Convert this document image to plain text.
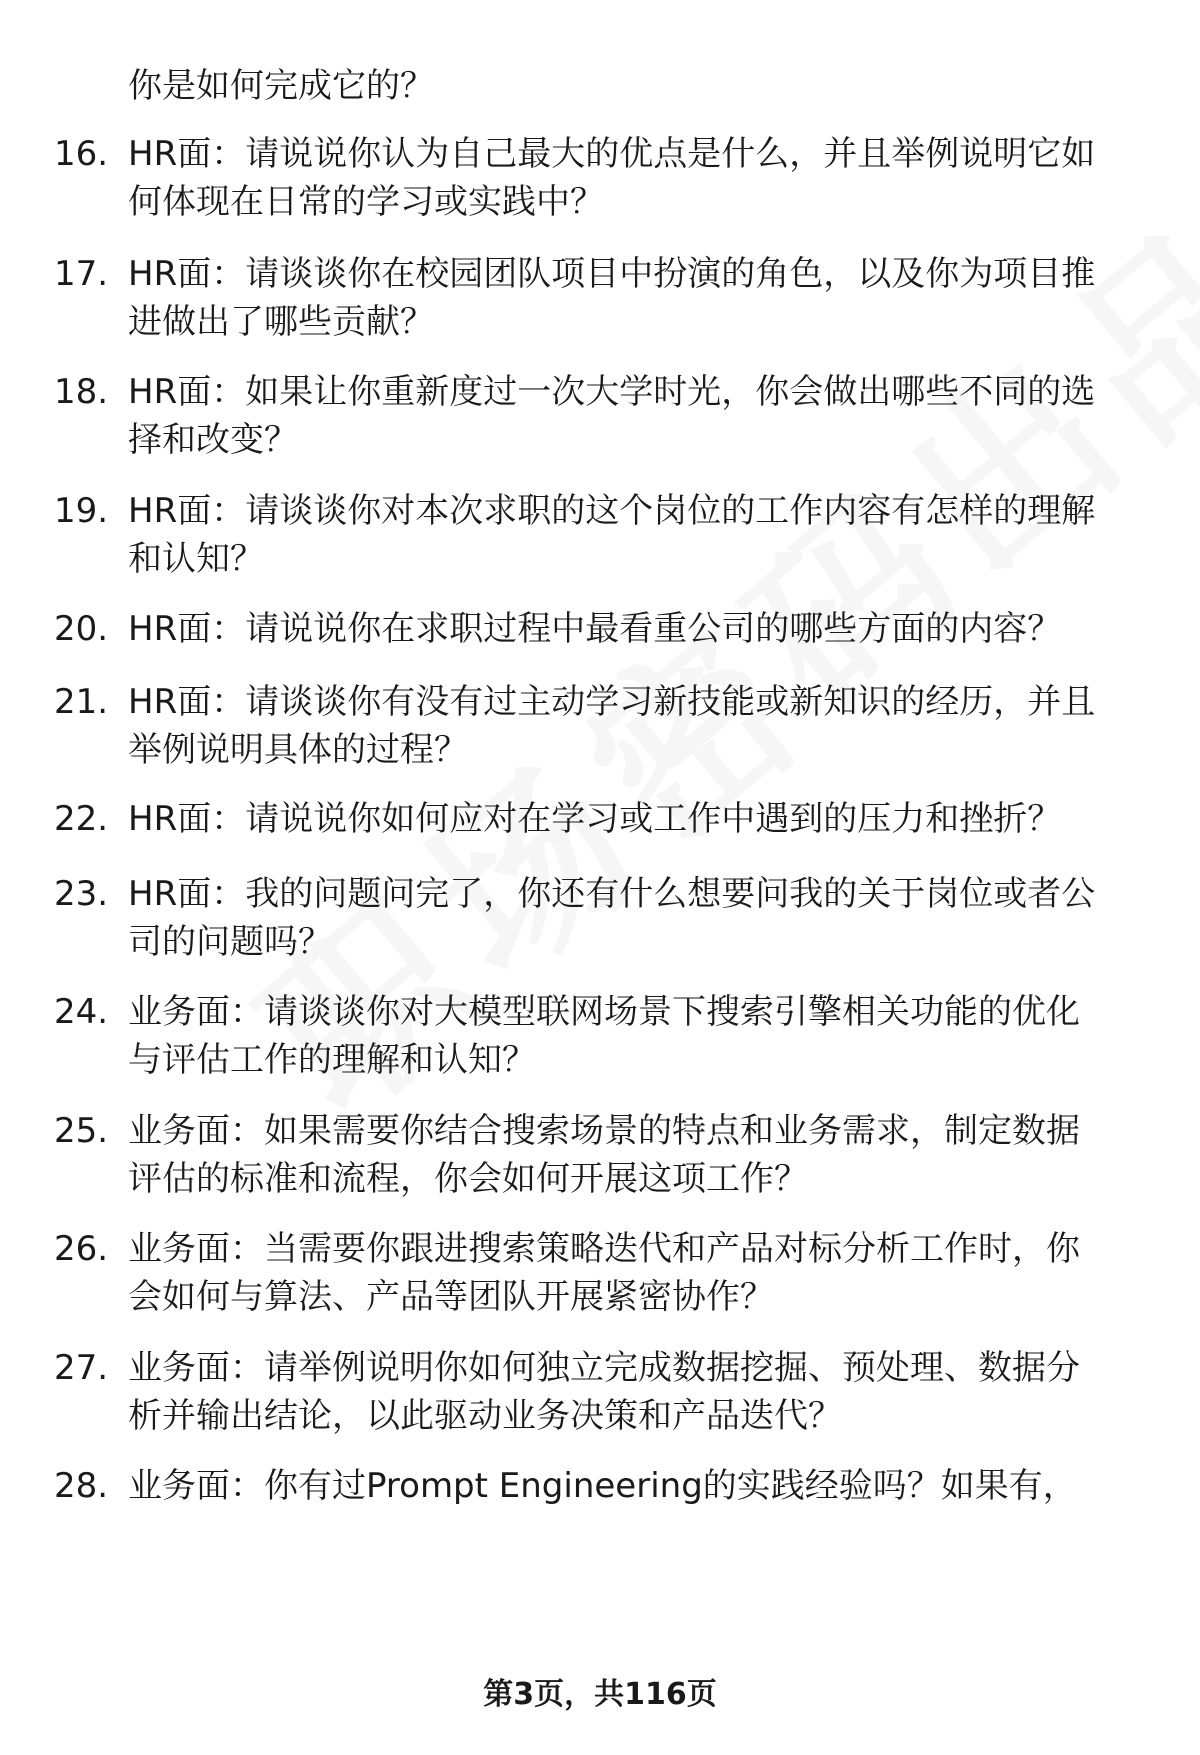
你是如何完成它的？
16. HR面：请说说你认为自己最大的优点是什么，并且举例说明它如
何体现在日常的学习或实践中？
17. HR面：请谈谈你在校园团队项目中扮演的角色，以及你为项目推
进做出了哪些贡献？
18. HR面：如果让你重新度过一次大学时光，你会做出哪些不同的选
择和改变？
19. HR面：请谈谈你对本次求职的这个岗位的工作内容有怎样的理解
和认知？
20. HR面：请说说你在求职过程中最看重公司的哪些方面的内容？
21. HR面：请谈谈你有没有过主动学习新技能或新知识的经历，并且
举例说明具体的过程？
22. HR面：请说说你如何应对在学习或工作中遇到的压力和挫折？
23. HR面：我的问题问完了，你还有什么想要问我的关于岗位或者公
司的问题吗？
24. 业务面：请谈谈你对大模型联网场景下搜索引擎相关功能的优化
与评估工作的理解和认知？
25. 业务面：如果需要你结合搜索场景的特点和业务需求，制定数据
评估的标准和流程，你会如何开展这项工作？
26. 业务面：当需要你跟进搜索策略迭代和产品对标分析工作时，你
会如何与算法、产品等团队开展紧密协作？
27. 业务面：请举例说明你如何独立完成数据挖掘、预处理、数据分
析并输出结论，以此驱动业务决策和产品迭代？
28. 业务面：你有过Prompt Engineering的实践经验吗？如果有，
第3页，共116页
